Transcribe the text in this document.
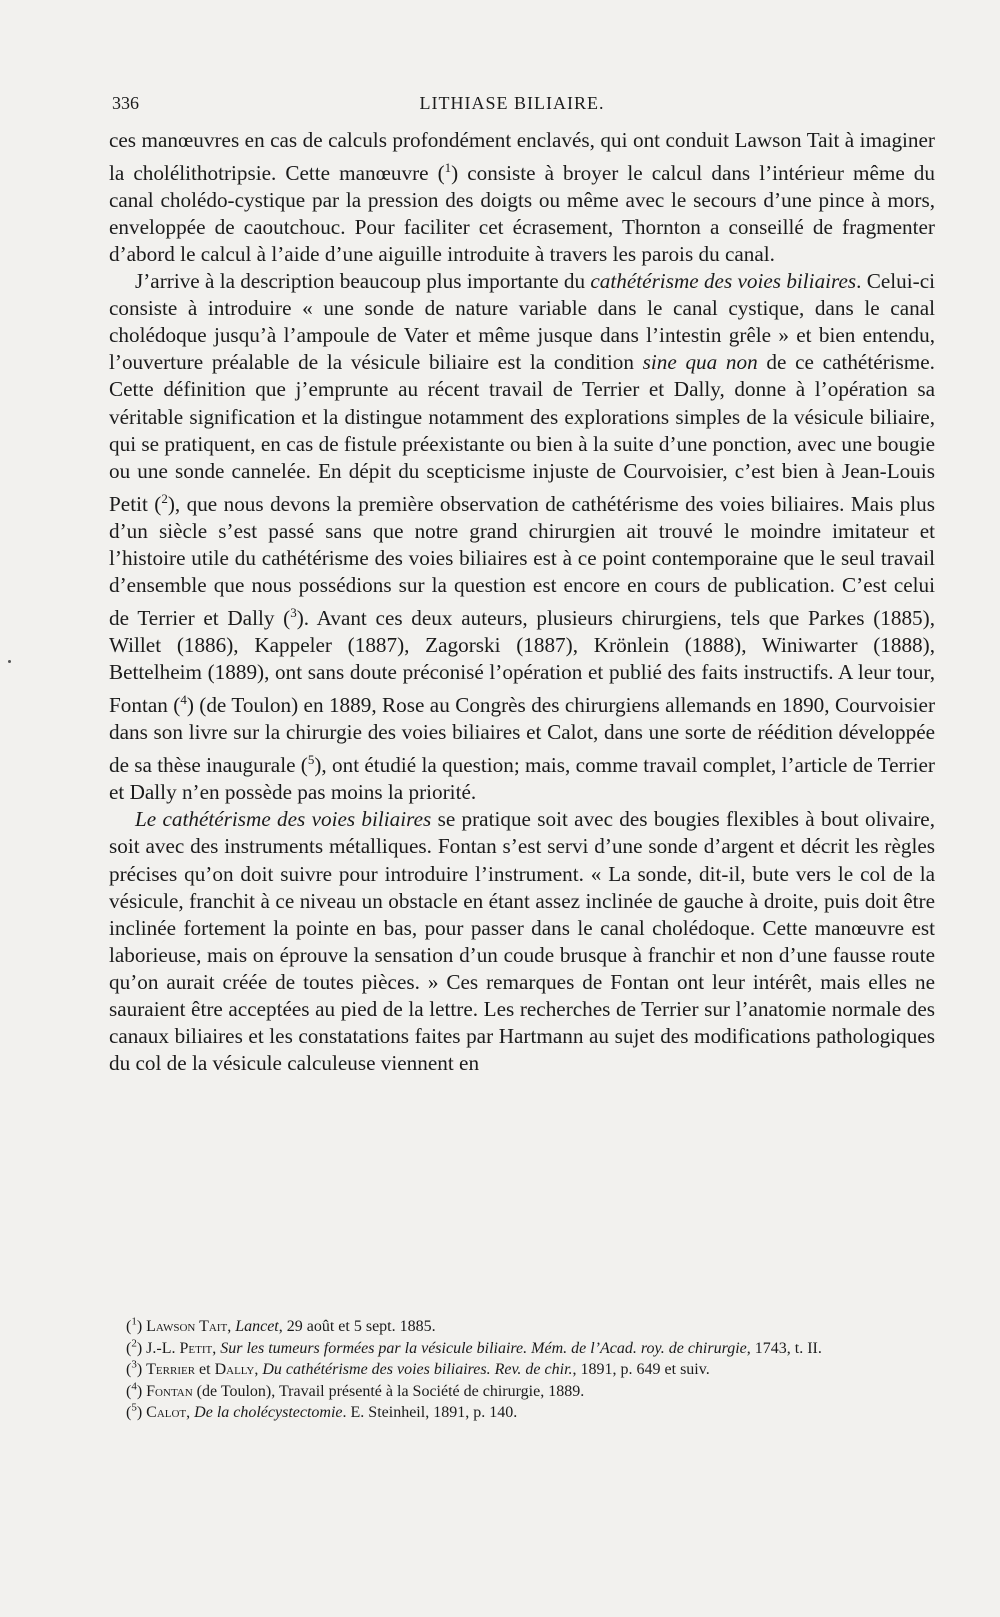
336	LITHIASE BILIAIRE.

ces manœuvres en cas de calculs profondément enclavés, qui ont conduit Lawson Tait à imaginer la cholélithotripsie. Cette manœuvre ($^1$) consiste à broyer le calcul dans l’intérieur même du canal cholédo-cystique par la pression des doigts ou même avec le secours d’une pince à mors, enveloppée de caoutchouc. Pour faciliter cet écrasement, Thornton a conseillé de fragmenter d’abord le calcul à l’aide d’une aiguille introduite à travers les parois du canal.

J’arrive à la description beaucoup plus importante du cathétérisme des voies biliaires. Celui-ci consiste à introduire « une sonde de nature variable dans le canal cystique, dans le canal cholédoque jusqu’à l’ampoule de Vater et même jusque dans l’intestin grêle » et bien entendu, l’ouverture préalable de la vésicule biliaire est la condition sine qua non de ce cathétérisme. Cette définition que j’emprunte au récent travail de Terrier et Dally, donne à l’opération sa véritable signification et la distingue notamment des explorations simples de la vésicule biliaire, qui se pratiquent, en cas de fistule préexistante ou bien à la suite d’une ponction, avec une bougie ou une sonde cannelée. En dépit du scepticisme injuste de Courvoisier, c’est bien à Jean-Louis Petit ($^2$), que nous devons la première observation de cathétérisme des voies biliaires. Mais plus d’un siècle s’est passé sans que notre grand chirurgien ait trouvé le moindre imitateur et l’histoire utile du cathétérisme des voies biliaires est à ce point contemporaine que le seul travail d’ensemble que nous possédions sur la question est encore en cours de publication. C’est celui de Terrier et Dally ($^3$). Avant ces deux auteurs, plusieurs chirurgiens, tels que Parkes (1885), Willet (1886), Kappeler (1887), Zagorski (1887), Krönlein (1888), Winiwarter (1888), Bettelheim (1889), ont sans doute préconisé l’opération et publié des faits instructifs. A leur tour, Fontan ($^4$) (de Toulon) en 1889, Rose au Congrès des chirurgiens allemands en 1890, Courvoisier dans son livre sur la chirurgie des voies biliaires et Calot, dans une sorte de réédition développée de sa thèse inaugurale ($^5$), ont étudié la question; mais, comme travail complet, l’article de Terrier et Dally n’en possède pas moins la priorité.

Le cathétérisme des voies biliaires se pratique soit avec des bougies flexibles à bout olivaire, soit avec des instruments métalliques. Fontan s’est servi d’une sonde d’argent et décrit les règles précises qu’on doit suivre pour introduire l’instrument. « La sonde, dit-il, bute vers le col de la vésicule, franchit à ce niveau un obstacle en étant assez inclinée de gauche à droite, puis doit être inclinée fortement la pointe en bas, pour passer dans le canal cholédoque. Cette manœuvre est laborieuse, mais on éprouve la sensation d’un coude brusque à franchir et non d’une fausse route qu’on aurait créée de toutes pièces. » Ces remarques de Fontan ont leur intérêt, mais elles ne sauraient être acceptées au pied de la lettre. Les recherches de Terrier sur l’anatomie normale des canaux biliaires et les constatations faites par Hartmann au sujet des modifications pathologiques du col de la vésicule calculeuse viennent en

( $^1$ ) Lawson Tait, Lancet, 29 août et 5 sept. 1885.

( $^2$ ) J.-L. Petit, Sur les tumeurs formées par la vésicule biliaire. Mém. de l’Acad. roy. de chirurgie, 1743, t. II.

( $^3$ ) Terrier et Dally, Du cathétérisme des voies biliaires. Rev. de chir., 1891, p. 649 et suiv.

( $^4$ ) Fontan (de Toulon), Travail présenté à la Société de chirurgie, 1889.

( $^5$ ) Calot, De la cholécystectomie. E. Steinheil, 1891, p. 140.
